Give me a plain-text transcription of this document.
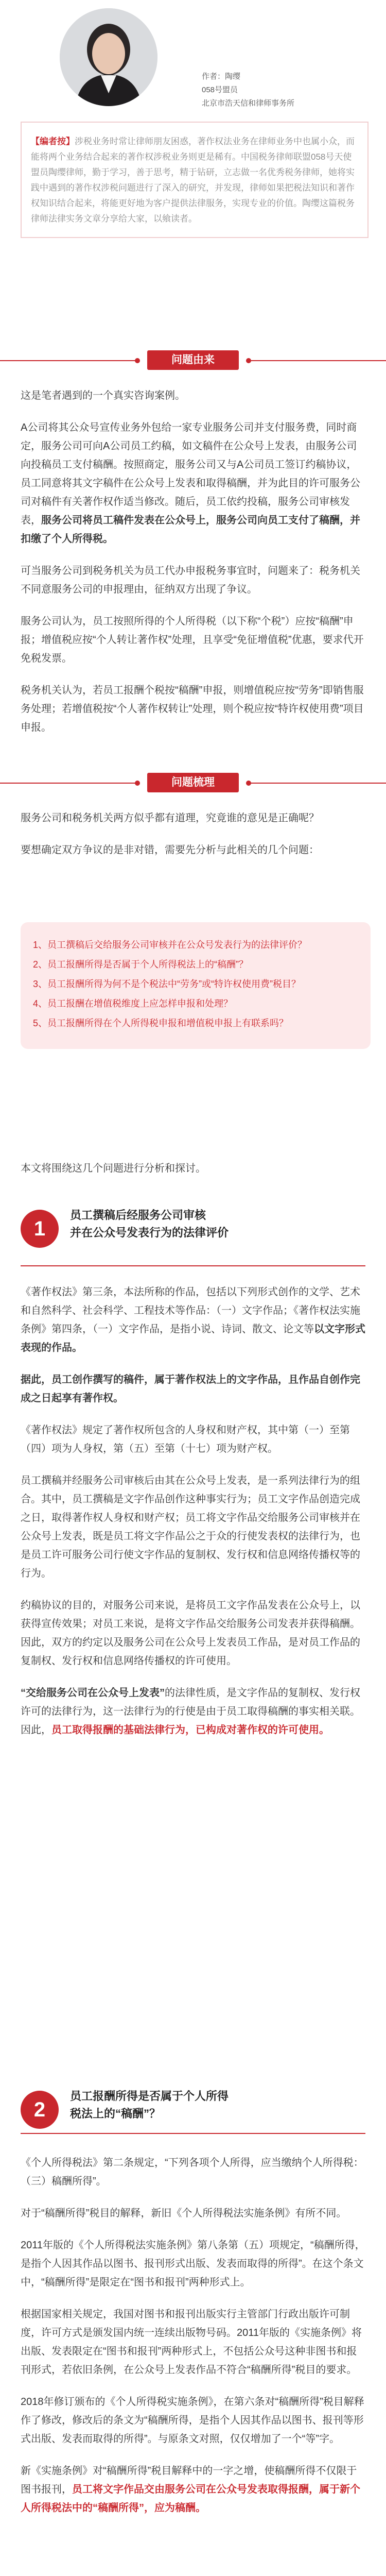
作者：陶缨
058号盟员
北京市浩天信和律师事务所
【编者按】涉税业务时常让律师朋友困惑，著作权法业务在律师业务中也属小众，而能将两个业务结合起来的著作权涉税业务则更是稀有。中国税务律师联盟058号天使盟员陶缨律师，勤于学习，善于思考，精于钻研，立志做一名优秀税务律师，她将实践中遇到的著作权涉税问题进行了深入的研究，并发现，律师如果把税法知识和著作权知识结合起来，将能更好地为客户提供法律服务，实现专业的价值。陶缨这篇税务律师法律实务文章分享给大家，以飨读者。
问题由来

这是笔者遇到的一个真实咨询案例。

A公司将其公众号宣传业务外包给一家专业服务公司并支付服务费，同时商定，服务公司可向A公司员工约稿，如文稿件在公众号上发表，由服务公司向投稿员工支付稿酬。按照商定，服务公司又与A公司员工签订约稿协议，员工同意将其文字稿件在公众号上发表和取得稿酬，并为此目的许可服务公司对稿件有关著作权作适当修改。随后，员工依约投稿，服务公司审核发表，服务公司将员工稿件发表在公众号上，服务公司向员工支付了稿酬，并扣缴了个人所得税。

可当服务公司到税务机关为员工代办申报税务事宜时，问题来了：税务机关不同意服务公司的申报理由，征纳双方出现了争议。

服务公司认为，员工按照所得的个人所得税（以下称“个税”）应按“稿酬”申报；增值税应按“个人转让著作权”处理，且享受“免征增值税”优惠，要求代开免税发票。

税务机关认为，若员工报酬个税按“稿酬”申报，则增值税应按“劳务”即销售服务处理；若增值税按“个人著作权转让”处理，则个税应按“特许权使用费”项目申报。

问题梳理

服务公司和税务机关两方似乎都有道理，究竟谁的意见是正确呢？

要想确定双方争议的是非对错，需要先分析与此相关的几个问题：

1、员工撰稿后交给服务公司审核并在公众号发表行为的法律评价？
2、员工报酬所得是否属于个人所得税法上的“稿酬”？
3、员工报酬所得为何不是个税法中“劳务”或“特许权使用费”税目？
4、员工报酬在增值税维度上应怎样申报和处理？
5、员工报酬所得在个人所得税申报和增值税申报上有联系吗？

本文将围绕这几个问题进行分析和探讨。

1
员工撰稿后经服务公司审核
并在公众号发表行为的法律评价

《著作权法》第三条，本法所称的作品，包括以下列形式创作的文学、艺术和自然科学、社会科学、工程技术等作品：（一）文字作品；《著作权法实施条例》第四条，（一）文字作品，是指小说、诗词、散文、论文等以文字形式表现的作品。

据此，员工创作撰写的稿件，属于著作权法上的文字作品，且作品自创作完成之日起享有著作权。

《著作权法》规定了著作权所包含的人身权和财产权，其中第（一）至第（四）项为人身权，第（五）至第（十七）项为财产权。

员工撰稿并经服务公司审核后由其在公众号上发表，是一系列法律行为的组合。其中，员工撰稿是文字作品创作这种事实行为；员工文字作品创造完成之日，取得著作权人身权和财产权；员工将文字作品交给服务公司审核并在公众号上发表，既是员工将文字作品公之于众的行使发表权的法律行为，也是员工许可服务公司行使文字作品的复制权、发行权和信息网络传播权等的行为。

约稿协议的目的，对服务公司来说，是将员工文字作品发表在公众号上，以获得宣传效果；对员工来说，是将文字作品交给服务公司发表并获得稿酬。因此，双方的约定以及服务公司在公众号上发表员工作品，是对员工作品的复制权、发行权和信息网络传播权的许可使用。

“交给服务公司在公众号上发表”的法律性质，是文字作品的复制权、发行权许可的法律行为，这一法律行为的行使是由于员工取得稿酬的事实相关联。因此，员工取得报酬的基础法律行为，已构成对著作权的许可使用。

2
员工报酬所得是否属于个人所得
税法上的“稿酬”？

《个人所得税法》第二条规定，“下列各项个人所得，应当缴纳个人所得税：（三）稿酬所得”。

对于“稿酬所得”税目的解释，新旧《个人所得税法实施条例》有所不同。

2011年版的《个人所得税法实施条例》第八条第（五）项规定，“稿酬所得，是指个人因其作品以图书、报刊形式出版、发表而取得的所得”。在这个条文中，“稿酬所得”是限定在“图书和报刊”两种形式上。

根据国家相关规定，我国对图书和报刊出版实行主管部门行政出版许可制度，许可方式是颁发国内统一连续出版物号码。2011年版的《实施条例》将出版、发表限定在“图书和报刊”两种形式上，不包括公众号这种非图书和报刊形式，若依旧条例，在公众号上发表作品不符合“稿酬所得”税目的要求。

2018年修订颁布的《个人所得税实施条例》，在第六条对“稿酬所得”税目解释作了修改，修改后的条文为“稿酬所得，是指个人因其作品以图书、报刊等形式出版、发表而取得的所得”。与原条文对照，仅仅增加了一个“等”字。

新《实施条例》对“稿酬所得”税目解释中的一字之增，使稿酬所得不仅限于图书报刊，员工将文字作品交由服务公司在公众号发表取得报酬，属于新个人所得税法中的“稿酬所得”，应为稿酬。
